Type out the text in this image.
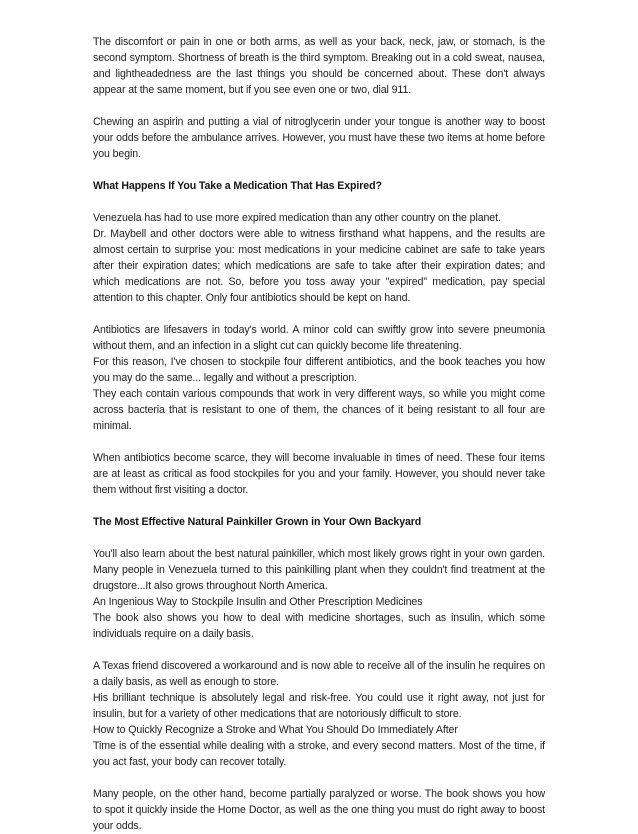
The discomfort or pain in one or both arms, as well as your back, neck, jaw, or stomach, is the second symptom. Shortness of breath is the third symptom. Breaking out in a cold sweat, nausea, and lightheadedness are the last things you should be concerned about. These don't always appear at the same moment, but if you see even one or two, dial 911.

Chewing an aspirin and putting a vial of nitroglycerin under your tongue is another way to boost your odds before the ambulance arrives. However, you must have these two items at home before you begin.

What Happens If You Take a Medication That Has Expired?

Venezuela has had to use more expired medication than any other country on the planet.

Dr. Maybell and other doctors were able to witness firsthand what happens, and the results are almost certain to surprise you: most medications in your medicine cabinet are safe to take years after their expiration dates; which medications are safe to take after their expiration dates; and which medications are not. So, before you toss away your "expired" medication, pay special attention to this chapter. Only four antibiotics should be kept on hand.

Antibiotics are lifesavers in today's world. A minor cold can swiftly grow into severe pneumonia without them, and an infection in a slight cut can quickly become life threatening.

For this reason, I've chosen to stockpile four different antibiotics, and the book teaches you how you may do the same... legally and without a prescription.

They each contain various compounds that work in very different ways, so while you might come across bacteria that is resistant to one of them, the chances of it being resistant to all four are minimal.

When antibiotics become scarce, they will become invaluable in times of need. These four items are at least as critical as food stockpiles for you and your family. However, you should never take them without first visiting a doctor.

The Most Effective Natural Painkiller Grown in Your Own Backyard

You'll also learn about the best natural painkiller, which most likely grows right in your own garden. Many people in Venezuela turned to this painkilling plant when they couldn't find treatment at the drugstore...It also grows throughout North America.

An Ingenious Way to Stockpile Insulin and Other Prescription Medicines

The book also shows you how to deal with medicine shortages, such as insulin, which some individuals require on a daily basis.

A Texas friend discovered a workaround and is now able to receive all of the insulin he requires on a daily basis, as well as enough to store.

His brilliant technique is absolutely legal and risk-free. You could use it right away, not just for insulin, but for a variety of other medications that are notoriously difficult to store.

How to Quickly Recognize a Stroke and What You Should Do Immediately After

Time is of the essential while dealing with a stroke, and every second matters. Most of the time, if you act fast, your body can recover totally.

Many people, on the other hand, become partially paralyzed or worse. The book shows you how to spot it quickly inside the Home Doctor, as well as the one thing you must do right away to boost your odds.
